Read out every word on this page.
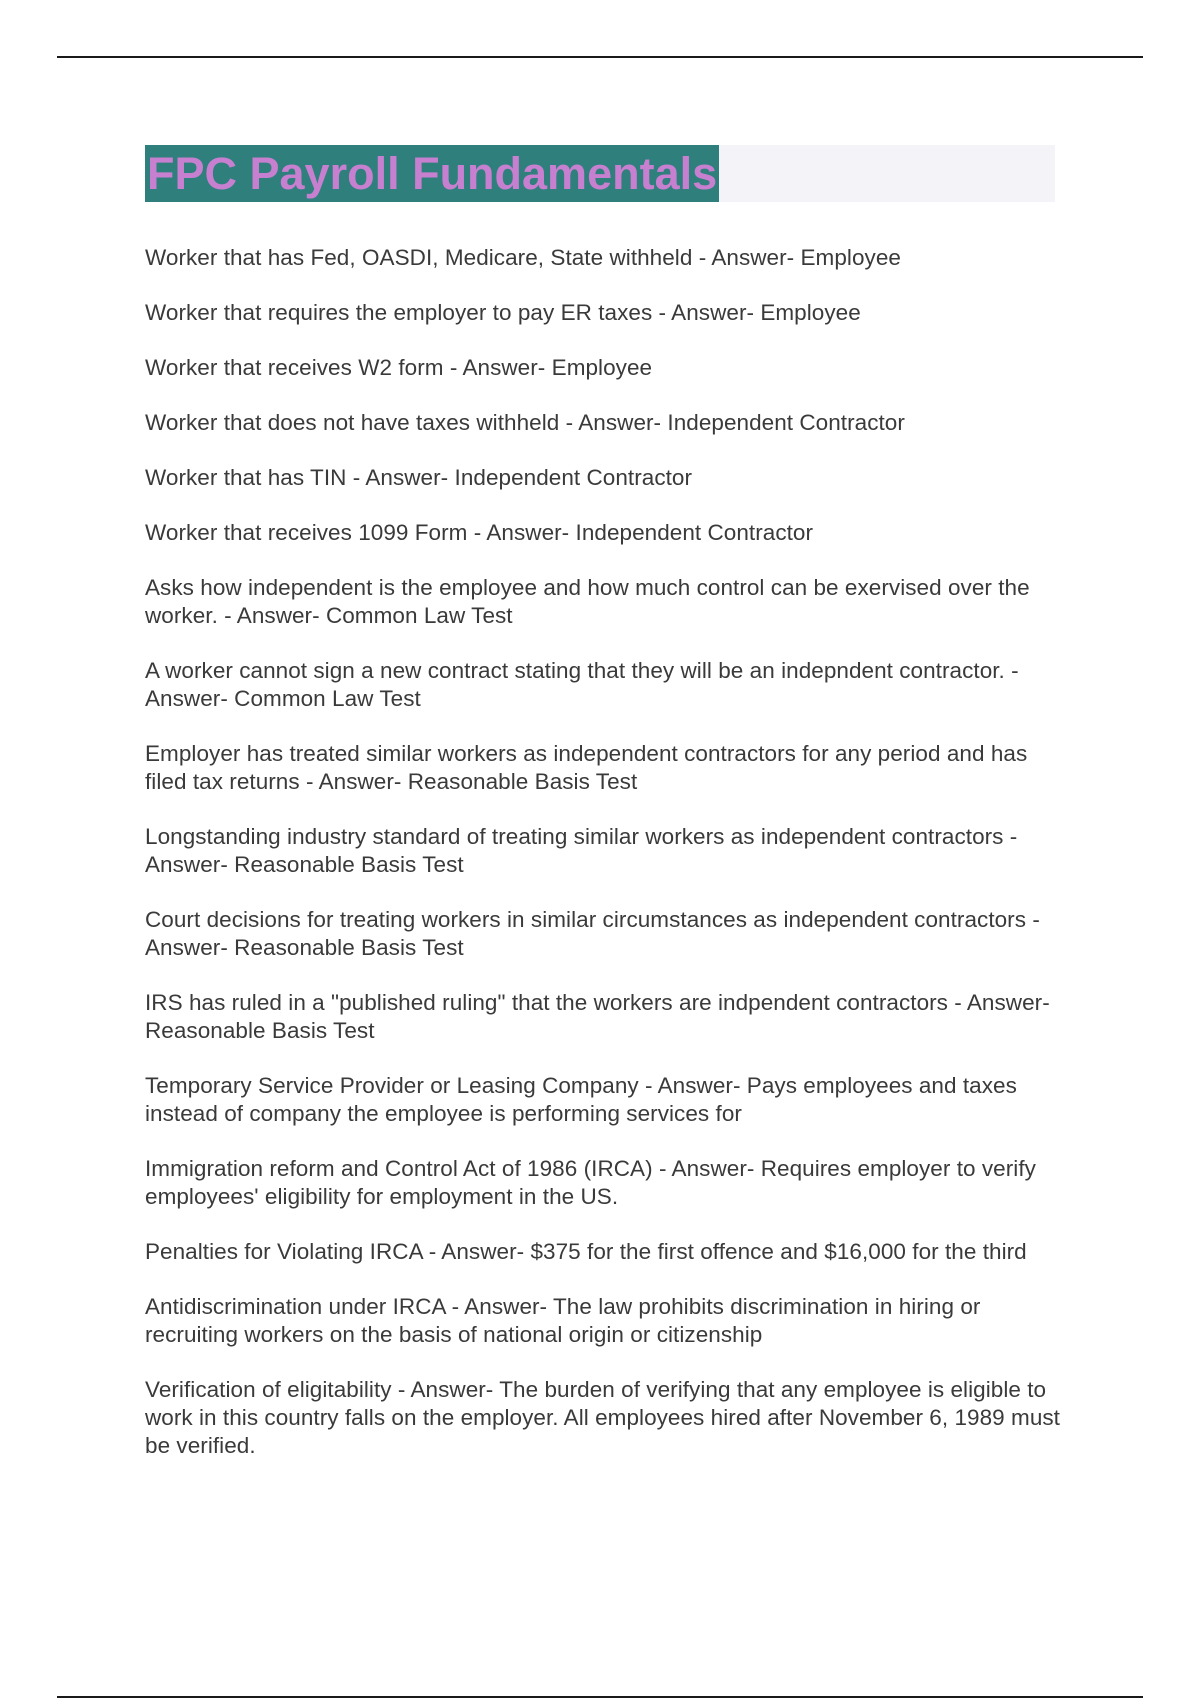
FPC Payroll Fundamentals
Worker that has Fed, OASDI, Medicare, State withheld - Answer- Employee
Worker that requires the employer to pay ER taxes - Answer- Employee
Worker that receives W2 form - Answer- Employee
Worker that does not have taxes withheld - Answer- Independent Contractor
Worker that has TIN - Answer- Independent Contractor
Worker that receives 1099 Form - Answer- Independent Contractor
Asks how independent is the employee and how much control can be exervised over the worker. - Answer- Common Law Test
A worker cannot sign a new contract stating that they will be an indepndent contractor. - Answer- Common Law Test
Employer has treated similar workers as independent contractors for any period and has filed tax returns - Answer- Reasonable Basis Test
Longstanding industry standard of treating similar workers as independent contractors - Answer- Reasonable Basis Test
Court decisions for treating workers in similar circumstances as independent contractors - Answer- Reasonable Basis Test
IRS has ruled in a "published ruling" that the workers are indpendent contractors - Answer- Reasonable Basis Test
Temporary Service Provider or Leasing Company - Answer- Pays employees and taxes instead of company the employee is performing services for
Immigration reform and Control Act of 1986 (IRCA) - Answer- Requires employer to verify employees' eligibility for employment in the US.
Penalties for Violating IRCA - Answer- $375 for the first offence and $16,000 for the third
Antidiscrimination under IRCA - Answer- The law prohibits discrimination in hiring or recruiting workers on the basis of national origin or citizenship
Verification of eligitability - Answer- The burden of verifying that any employee is eligible to work in this country falls on the employer. All employees hired after November 6, 1989 must be verified.
